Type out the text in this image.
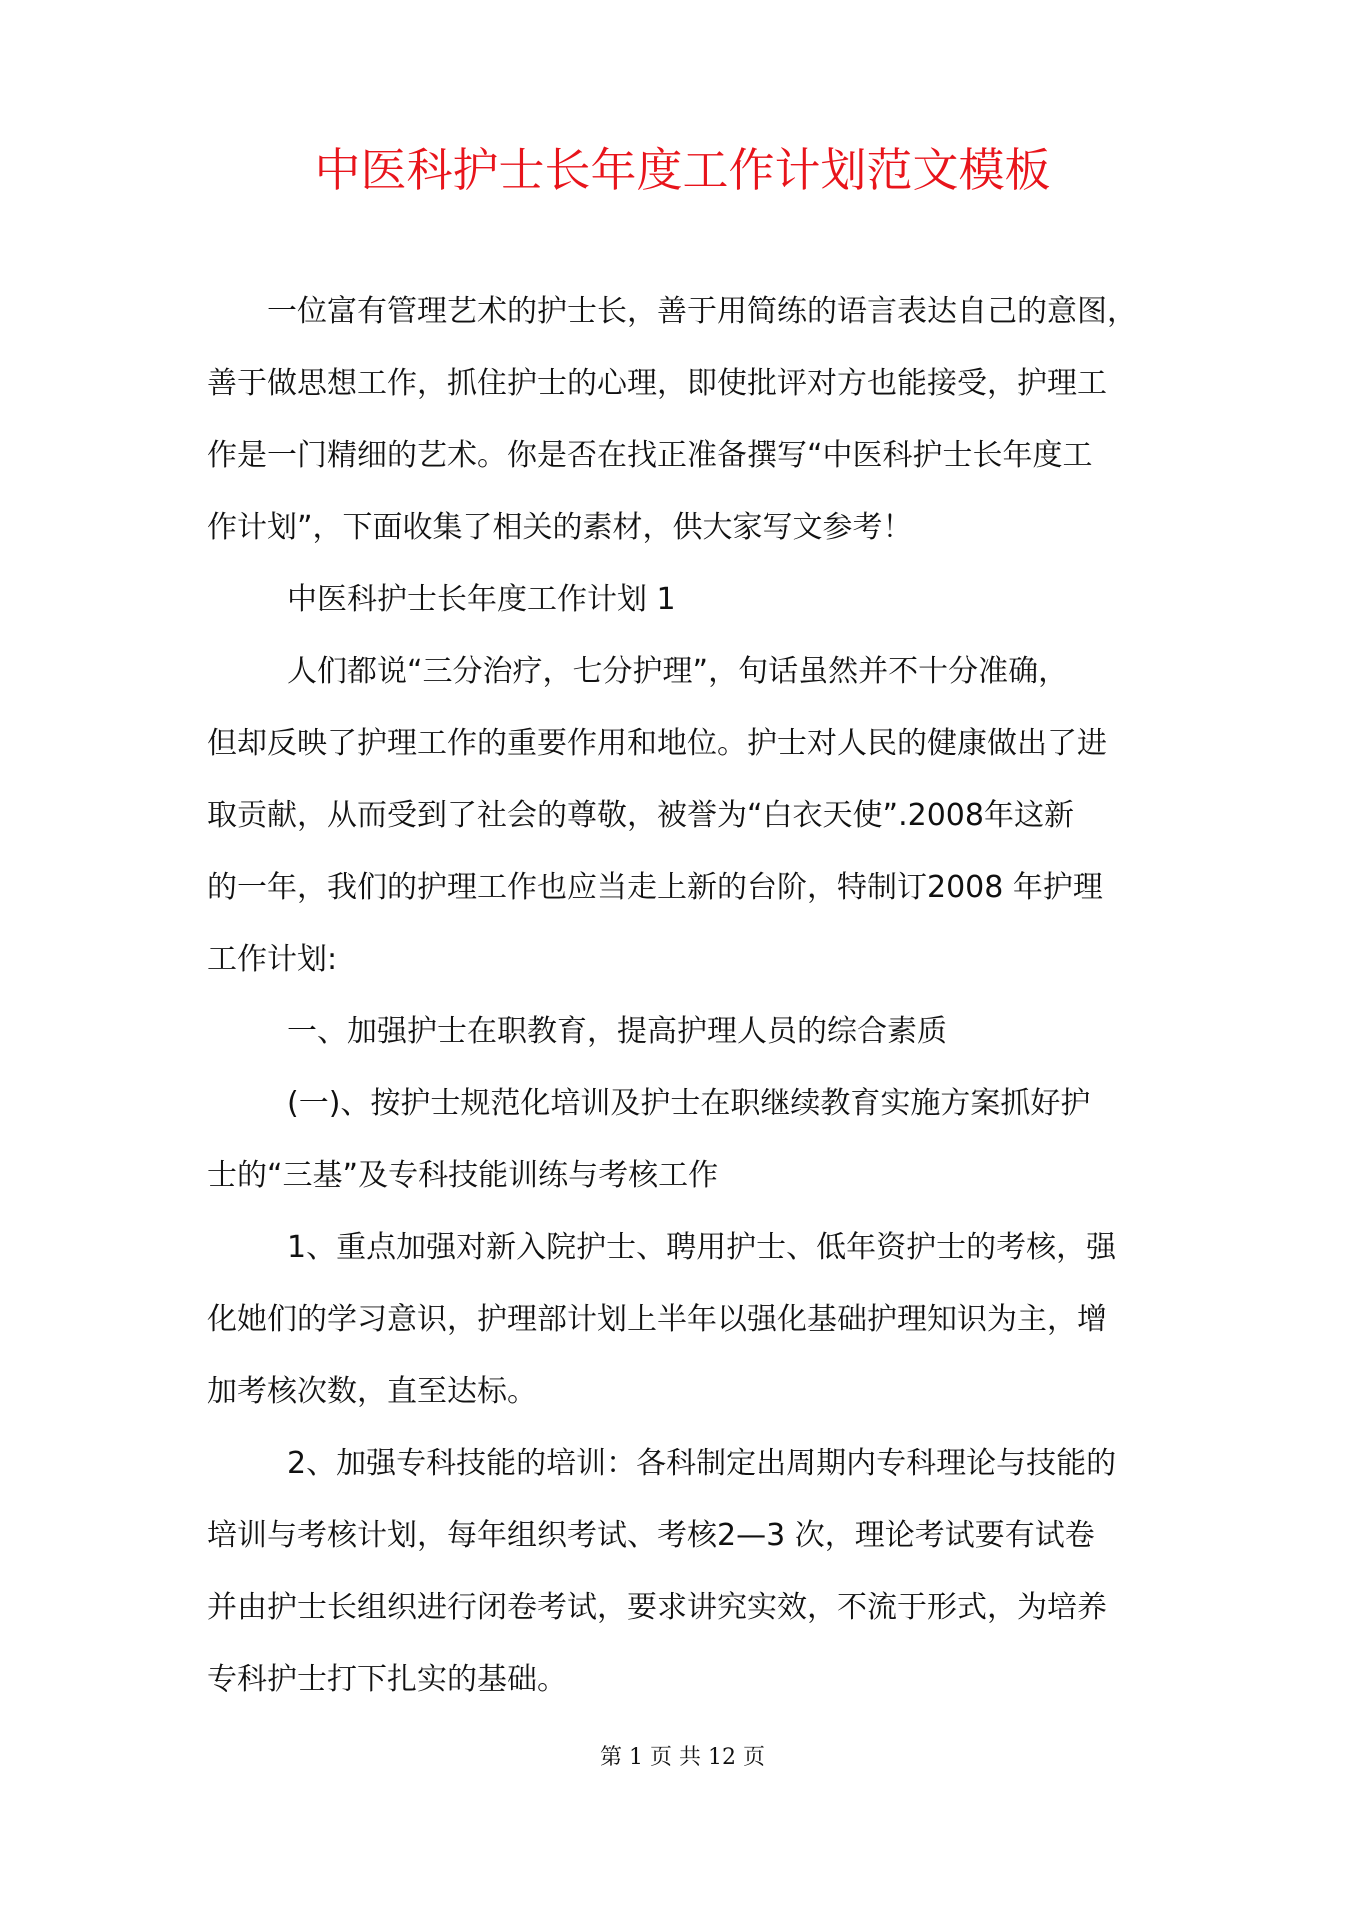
中医科护士长年度工作计划范文模板
一位富有管理艺术的护士长，善于用简练的语言表达自己的意图，
善于做思想工作，抓住护士的心理，即使批评对方也能接受，护理工
作是一门精细的艺术。你是否在找正准备撰写“中医科护士长年度工
作计划”，下面收集了相关的素材，供大家写文参考！
中医科护士长年度工作计划 1
人们都说“三分治疗，七分护理”，句话虽然并不十分准确，
但却反映了护理工作的重要作用和地位。护士对人民的健康做出了进
取贡献，从而受到了社会的尊敬，被誉为“白衣天使”.2008年这新
的一年，我们的护理工作也应当走上新的台阶，特制订2008 年护理
工作计划:
一、加强护士在职教育，提高护理人员的综合素质
(一)、按护士规范化培训及护士在职继续教育实施方案抓好护
士的“三基”及专科技能训练与考核工作
1、重点加强对新入院护士、聘用护士、低年资护士的考核，强
化她们的学习意识，护理部计划上半年以强化基础护理知识为主，增
加考核次数，直至达标。
2、加强专科技能的培训：各科制定出周期内专科理论与技能的
培训与考核计划，每年组织考试、考核2—3 次，理论考试要有试卷
并由护士长组织进行闭卷考试，要求讲究实效，不流于形式，为培养
专科护士打下扎实的基础。
第 1 页 共 12 页
